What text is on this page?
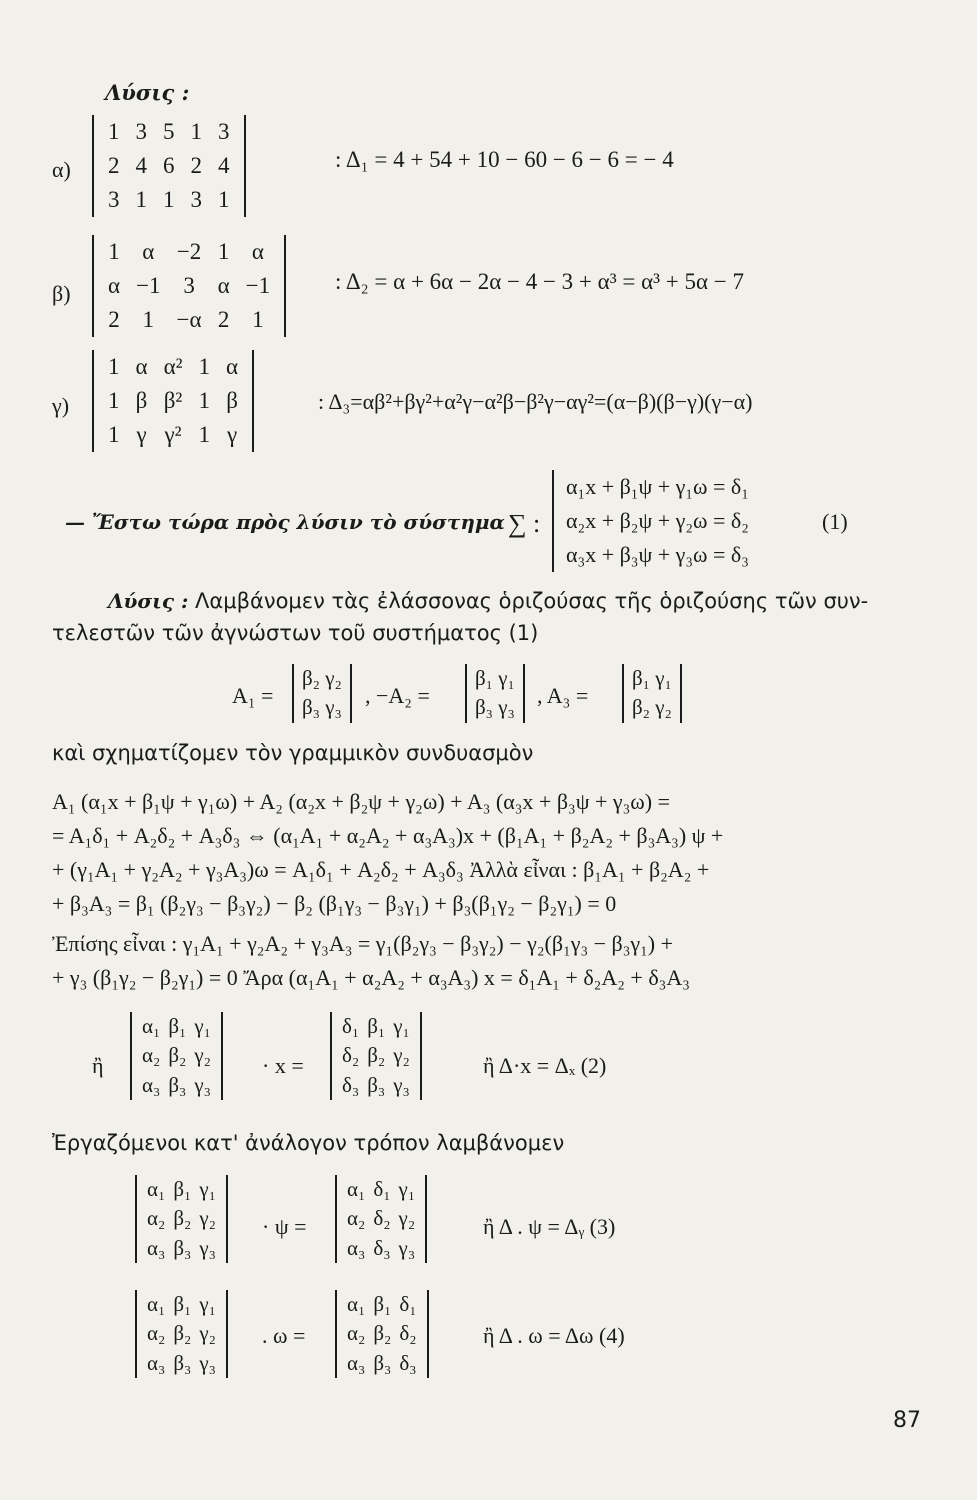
Λύσις :
α)
1	3	5	1	3
2	4	6	2	4
3	1	1	3	1
: Δ₁ = 4 + 54 + 10 − 60 − 6 − 6 = − 4
β)
1	α	−2	1	α
α	−1	3	α	−1
2	1	−α	2	1
: Δ₂ = α + 6α − 2α − 4 − 3 + α³ = α³ + 5α − 7
γ)
1	α	α²	1	α
1	β	β²	1	β
1	γ	γ²	1	γ
: Δ₃=αβ²+βγ²+α²γ−α²β−β²γ−αγ²=(α−β)(β−γ)(γ−α)
— Ἔστω τώρα πρὸς λύσιν τὸ σύστημα ∑ :
α₁x + β₁ψ + γ₁ω = δ₁
α₂x + β₂ψ + γ₂ω = δ₂
α₃x + β₃ψ + γ₃ω = δ₃
(1)
Λύσις : Λαμβάνομεν τὰς ἐλάσσονας ὁριζούσας τῆς ὁριζούσης τῶν συν-
τελεστῶν τῶν ἀγνώστων τοῦ συστήματος (1)
A₁ =
β₂ γ₂
β₃ γ₃ , −A₂ =
β₁ γ₁
β₃ γ₃ , A₃ =
β₁ γ₁
β₂ γ₂
καὶ σχηματίζομεν τὸν γραμμικὸν συνδυασμὸν
A₁ (α₁x + β₁ψ + γ₁ω) + A₂ (α₂x + β₂ψ + γ₂ω) + A₃ (α₃x + β₃ψ + γ₃ω) =
= A₁δ₁ + A₂δ₂ + A₃δ₃ ⇔ (α₁A₁ + α₂A₂ + α₃A₃)x + (β₁A₁ + β₂A₂ + β₃A₃) ψ +
+ (γ₁A₁ + γ₂A₂ + γ₃A₃)ω = A₁δ₁ + A₂δ₂ + A₃δ₃ Ἀλλὰ εἶναι : β₁A₁ + β₂A₂ +
+ β₃A₃ = β₁ (β₂γ₃ − β₃γ₂) − β₂ (β₁γ₃ − β₃γ₁) + β₃(β₁γ₂ − β₂γ₁) = 0
Ἐπίσης εἶναι : γ₁A₁ + γ₂A₂ + γ₃A₃ = γ₁(β₂γ₃ − β₃γ₂) − γ₂(β₁γ₃ − β₃γ₁) +
+ γ₃ (β₁γ₂ − β₂γ₁) = 0 Ἄρα (α₁A₁ + α₂A₂ + α₃A₃) x = δ₁A₁ + δ₂A₂ + δ₃A₃
ἢ
α₁	β₁	γ₁
α₂	β₂	γ₂
α₃	β₃	γ₃
· x =
δ₁	β₁	γ₁
δ₂	β₂	γ₂
δ₃	β₃	γ₃
ἢ Δ·x = Δₓ (2)
Ἐργαζόμενοι κατ' ἀνάλογον τρόπον λαμβάνομεν
α₁	β₁	γ₁
α₂	β₂	γ₂
α₃	β₃	γ₃
· ψ =
α₁	δ₁	γ₁
α₂	δ₂	γ₂
α₃	δ₃	γ₃
ἢ Δ . ψ = Δᵧ (3)
α₁	β₁	γ₁
α₂	β₂	γ₂
α₃	β₃	γ₃
. ω =
α₁	β₁	δ₁
α₂	β₂	δ₂
α₃	β₃	δ₃
ἢ Δ . ω = Δω (4)
87
